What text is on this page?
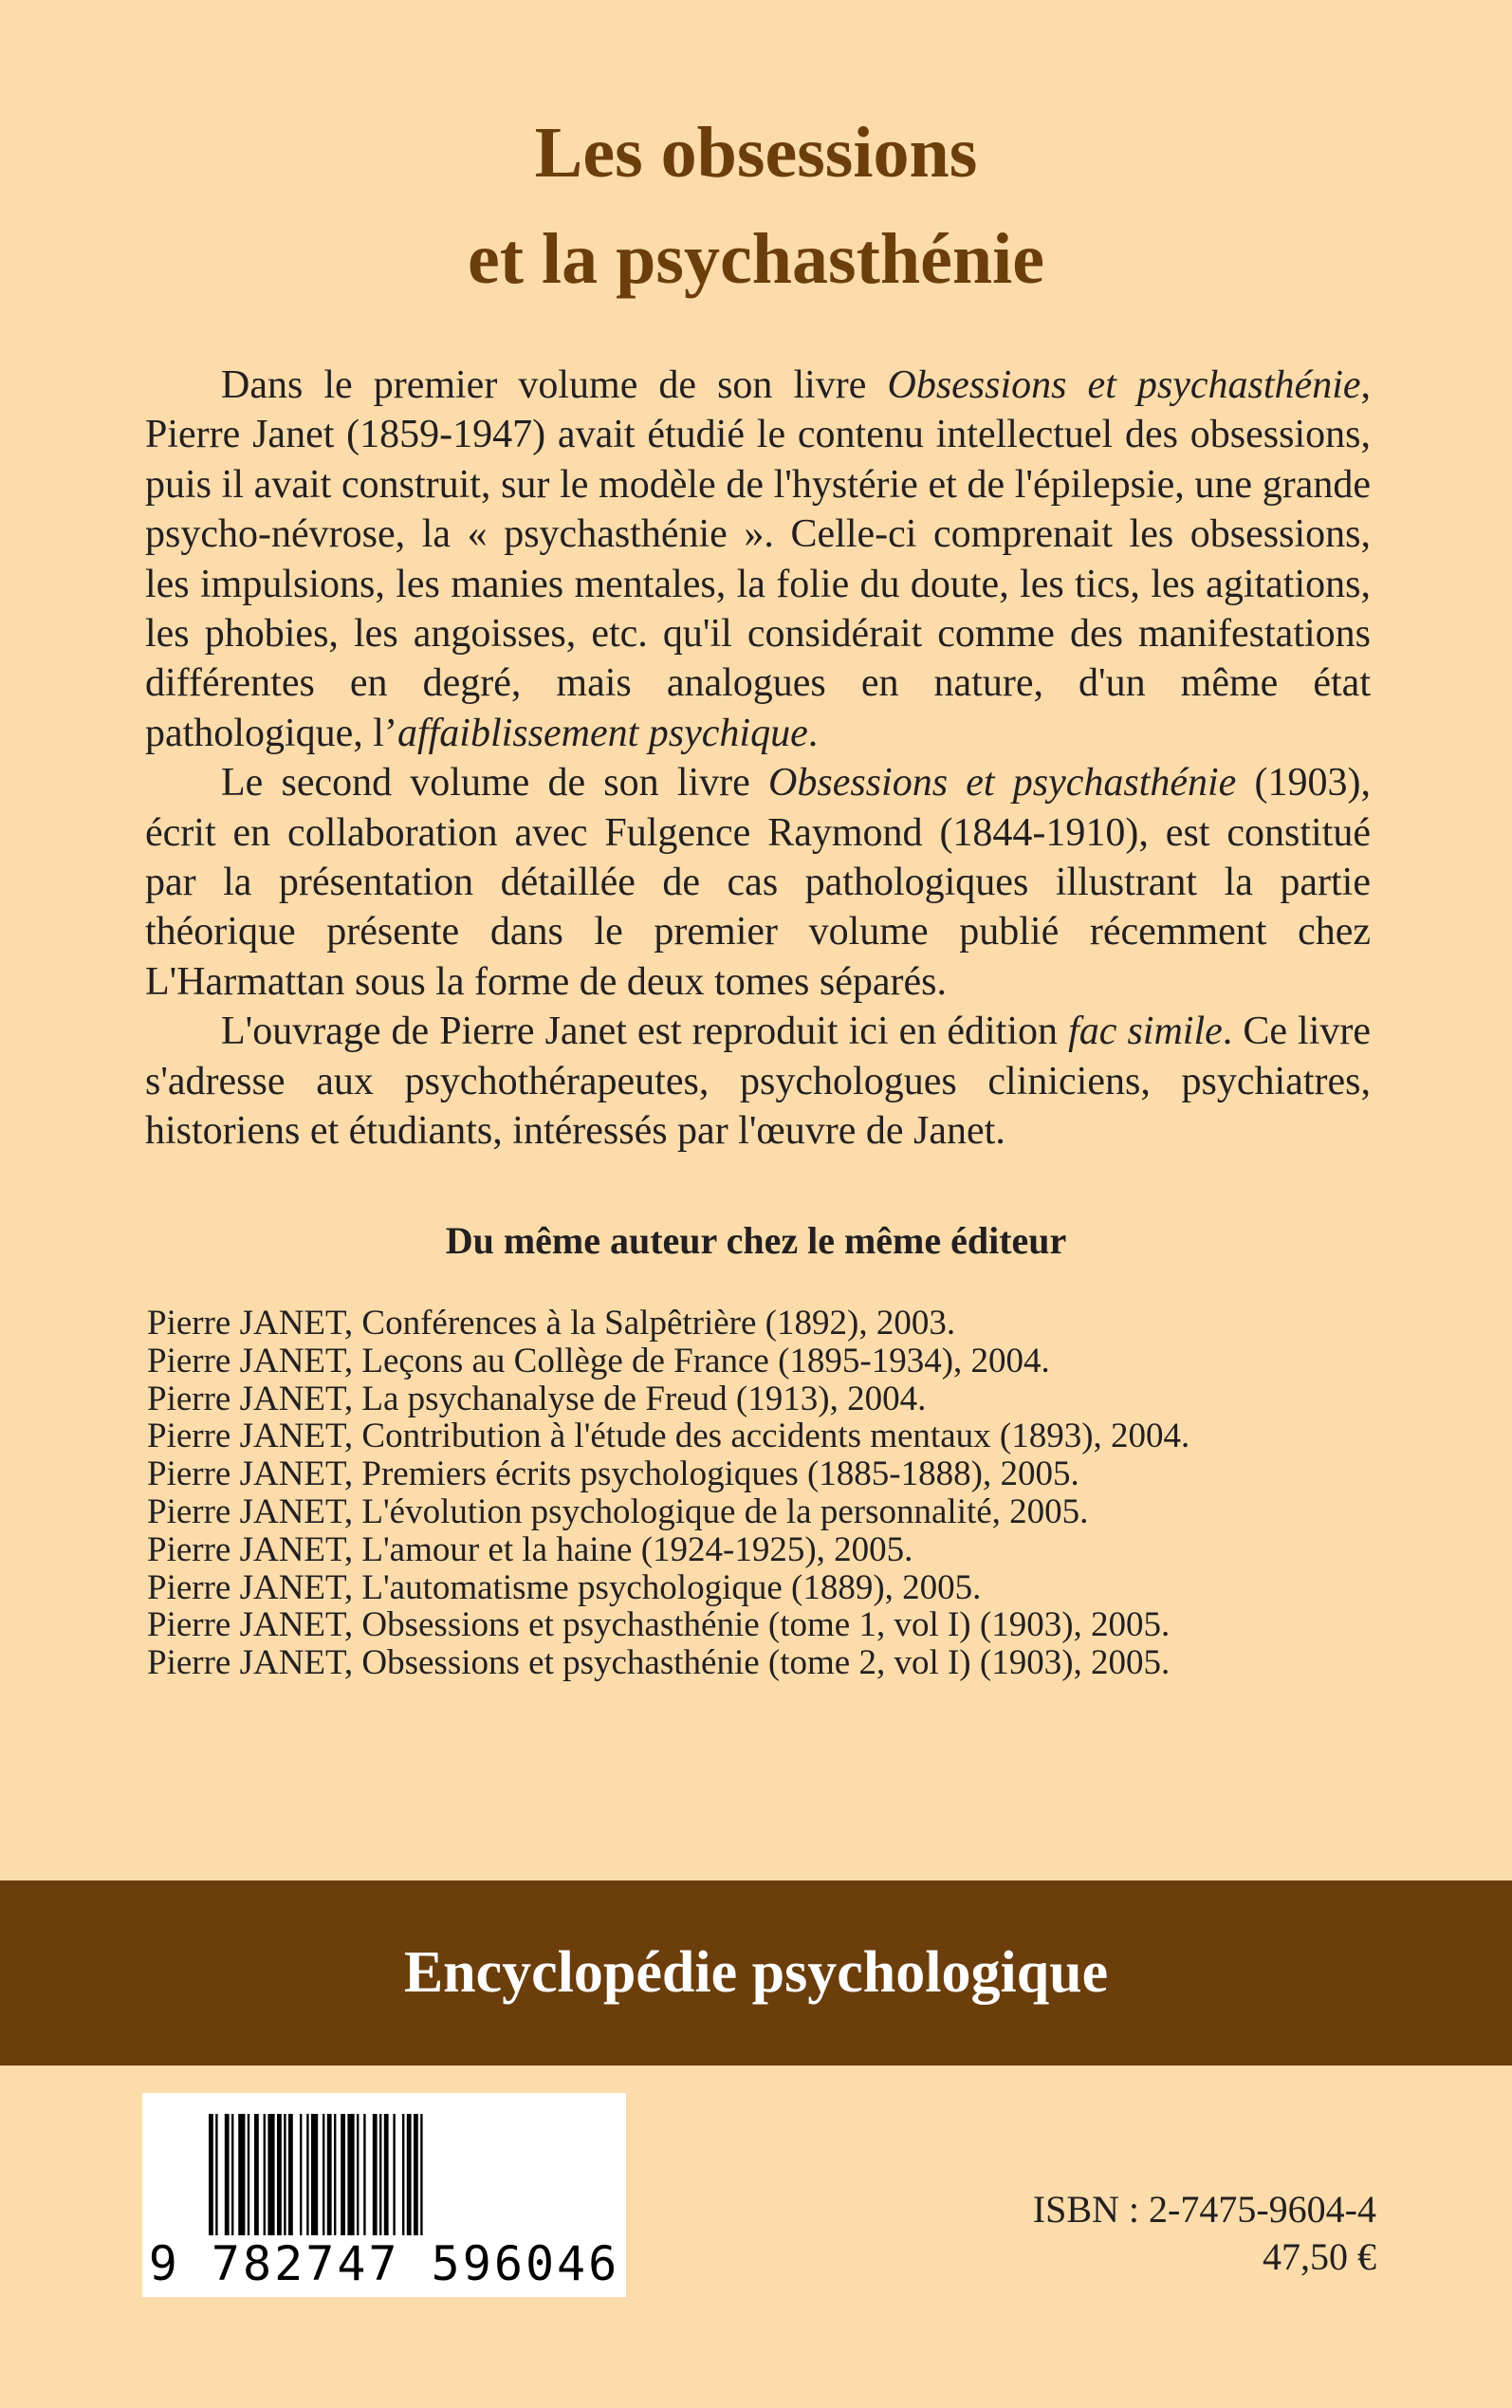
Les obsessions
et la psychasthénie

Dans le premier volume de son livre Obsessions et psychasthénie, Pierre Janet (1859-1947) avait étudié le contenu intellectuel des obsessions, puis il avait construit, sur le modèle de l'hystérie et de l'épilepsie, une grande psycho-névrose, la « psychasthénie ». Celle-ci comprenait les obsessions, les impulsions, les manies mentales, la folie du doute, les tics, les agitations, les phobies, les angoisses, etc. qu'il considérait comme des manifestations différentes en degré, mais analogues en nature, d'un même état pathologique, l’affaiblissement psychique.

Le second volume de son livre Obsessions et psychasthénie (1903), écrit en collaboration avec Fulgence Raymond (1844-1910), est constitué par la présentation détaillée de cas pathologiques illustrant la partie théorique présente dans le premier volume publié récemment chez L'Harmattan sous la forme de deux tomes séparés.

L'ouvrage de Pierre Janet est reproduit ici en édition fac simile. Ce livre s'adresse aux psychothérapeutes, psychologues cliniciens, psychiatres, historiens et étudiants, intéressés par l'œuvre de Janet.

Du même auteur chez le même éditeur
Pierre JANET, Conférences à la Salpêtrière (1892), 2003.
Pierre JANET, Leçons au Collège de France (1895-1934), 2004.
Pierre JANET, La psychanalyse de Freud (1913), 2004.
Pierre JANET, Contribution à l'étude des accidents mentaux (1893), 2004.
Pierre JANET, Premiers écrits psychologiques (1885-1888), 2005.
Pierre JANET, L'évolution psychologique de la personnalité, 2005.
Pierre JANET, L'amour et la haine (1924-1925), 2005.
Pierre JANET, L'automatisme psychologique (1889), 2005.
Pierre JANET, Obsessions et psychasthénie (tome 1, vol I) (1903), 2005.
Pierre JANET, Obsessions et psychasthénie (tome 2, vol I) (1903), 2005.
Encyclopédie psychologique
9 782747 596046
ISBN : 2-7475-9604-4
47,50 €
